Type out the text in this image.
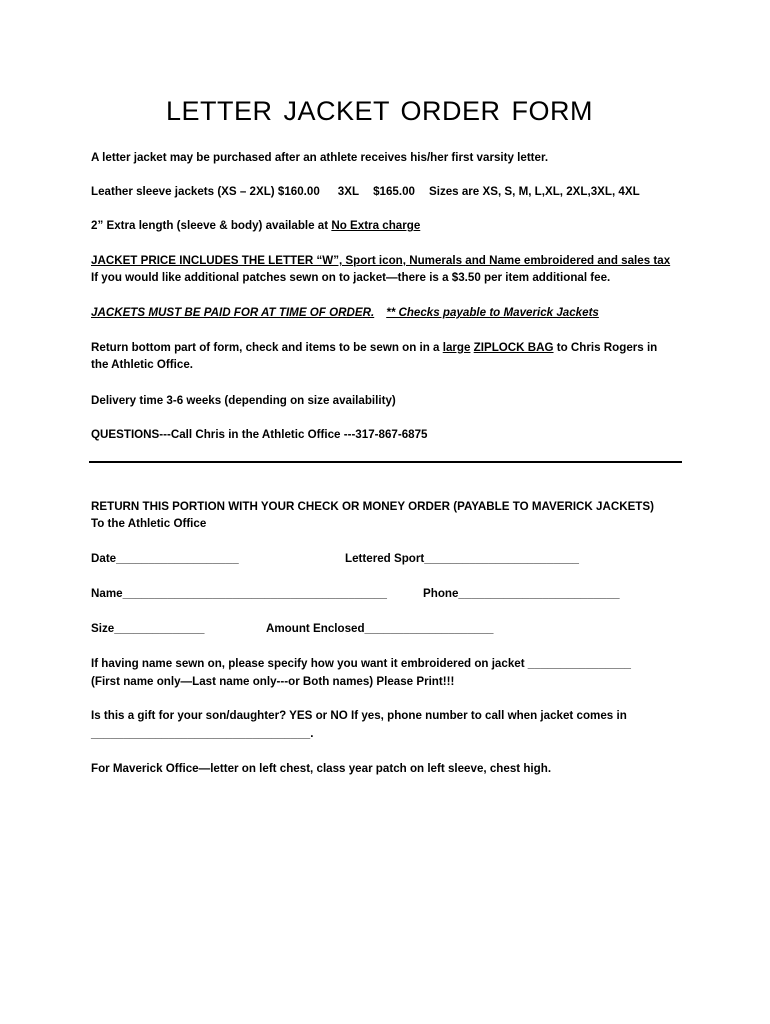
LETTER JACKET ORDER FORM
A letter jacket may be purchased after an athlete receives his/her first varsity letter.
Leather sleeve jackets (XS – 2XL) $160.00 3XL $165.00 Sizes are XS, S, M, L,XL, 2XL,3XL, 4XL
2” Extra length (sleeve & body) available at No Extra charge
JACKET PRICE INCLUDES THE LETTER “W”, Sport icon, Numerals and Name embroidered and sales tax
If you would like additional patches sewn on to jacket—there is a $3.50 per item additional fee.
JACKETS MUST BE PAID FOR AT TIME OF ORDER. ** Checks payable to Maverick Jackets
Return bottom part of form, check and items to be sewn on in a large ZIPLOCK BAG to Chris Rogers in
the Athletic Office.
Delivery time 3-6 weeks (depending on size availability)
QUESTIONS---Call Chris in the Athletic Office ---317-867-6875
RETURN THIS PORTION WITH YOUR CHECK OR MONEY ORDER (PAYABLE TO MAVERICK JACKETS)
To the Athletic Office
Date___________________	Lettered Sport________________________
Name_________________________________________	Phone_________________________
Size______________	Amount Enclosed____________________
If having name sewn on, please specify how you want it embroidered on jacket ________________
(First name only—Last name only---or Both names) Please Print!!!
Is this a gift for your son/daughter? YES or NO If yes, phone number to call when jacket comes in
__________________________________.
For Maverick Office—letter on left chest, class year patch on left sleeve, chest high.
